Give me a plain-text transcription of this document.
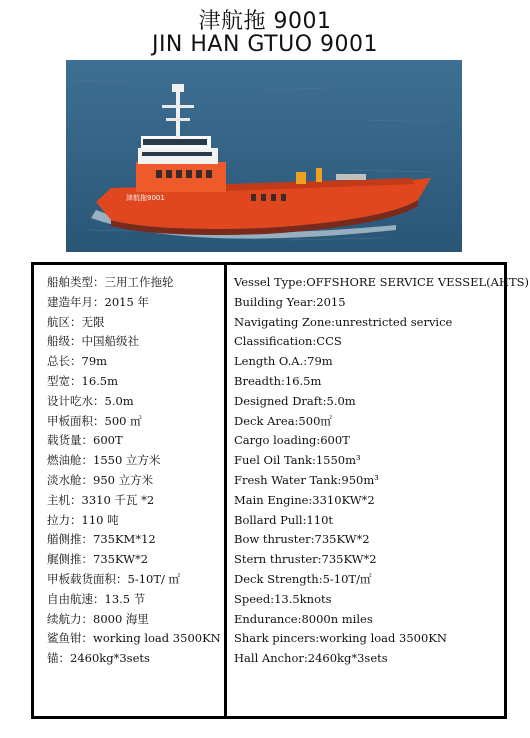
津航拖 9001
JIN HAN GTUO 9001
津航拖9001
船舶类型：三用工作拖轮
建造年月：2015 年
航区：无限
船级：中国船级社
总长：79m
型宽：16.5m
设计吃水：5.0m
甲板面积：500 ㎡
载货量：600T
燃油舱：1550 立方米
淡水舱：950 立方米
主机：3310 千瓦 *2
拉力：110 吨
艏侧推：735KM*12
艉侧推：735KW*2
甲板载货面积：5-10T/ ㎡
自由航速：13.5 节
续航力：8000 海里
鲨鱼钳：working load 3500KN
锚：2460kg*3sets
Vessel Type:OFFSHORE SERVICE VESSEL(AHTS)
Building Year:2015
Navigating Zone:unrestricted service
Classification:CCS
Length O.A.:79m
Breadth:16.5m
Designed Draft:5.0m
Deck Area:500㎡
Cargo loading:600T
Fuel Oil Tank:1550m³
Fresh Water Tank:950m³
Main Engine:3310KW*2
Bollard Pull:110t
Bow thruster:735KW*2
Stern thruster:735KW*2
Deck Strength:5-10T/㎡
Speed:13.5knots
Endurance:8000n miles
Shark pincers:working load 3500KN
Hall Anchor:2460kg*3sets
